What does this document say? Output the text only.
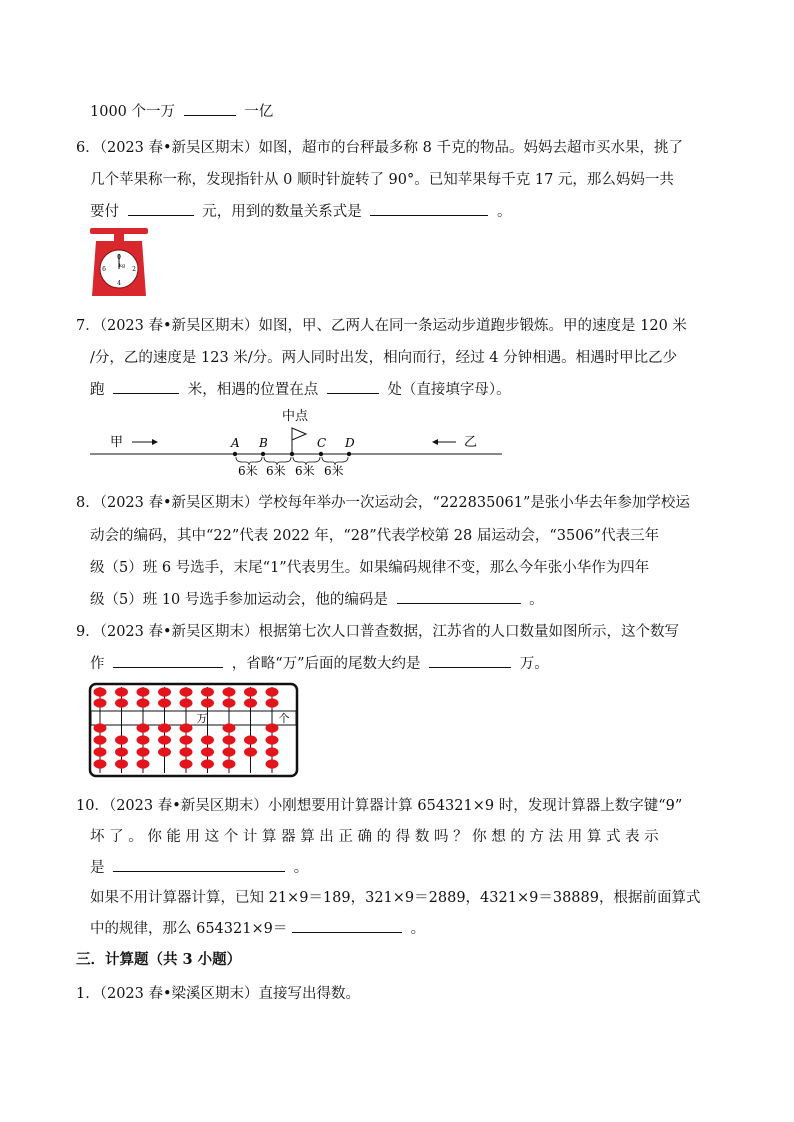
1000 个一万	一亿
6．（2023 春•新吴区期末）如图，超市的台秤最多称 8 千克的物品。妈妈去超市买水果，挑了
几个苹果称一称，发现指针从 0 顺时针旋转了 90°。已知苹果每千克 17 元，那么妈妈一共
要付	元，用到的数量关系式是	。
0
2
4
6	kg
7．（2023 春•新吴区期末）如图，甲、乙两人在同一条运动步道跑步锻炼。甲的速度是 120 米
/分，乙的速度是 123 米/分。两人同时出发，相向而行，经过 4 分钟相遇。相遇时甲比乙少
跑	米，相遇的位置在点	处（直接填字母）。
甲	乙
中点
A B	C D
6米 6米 6米 6米
8．（2023 春•新吴区期末）学校每年举办一次运动会，“222835061”是张小华去年参加学校运
动会的编码，其中“22”代表 2022 年，“28”代表学校第 28 届运动会，“3506”代表三年
级（5）班 6 号选手，末尾“1”代表男生。如果编码规律不变，那么今年张小华作为四年
级（5）班 10 号选手参加运动会，他的编码是	。
9．（2023 春•新吴区期末）根据第七次人口普查数据，江苏省的人口数量如图所示，这个数写
作	，省略“万”后面的尾数大约是	万。
万	个
10．（2023 春•新吴区期末）小刚想要用计算器计算 654321×9 时，发现计算器上数字键“9”
坏 了 。 你 能 用 这 个 计 算 器 算 出 正 确 的 得 数 吗 ？ 你 想 的 方 法 用 算 式 表 示
是	。
如果不用计算器计算，已知 21×9＝189，321×9＝2889，4321×9＝38889，根据前面算式
中的规律，那么 654321×9＝	。
三．计算题（共 3 小题）
1．（2023 春•梁溪区期末）直接写出得数。
